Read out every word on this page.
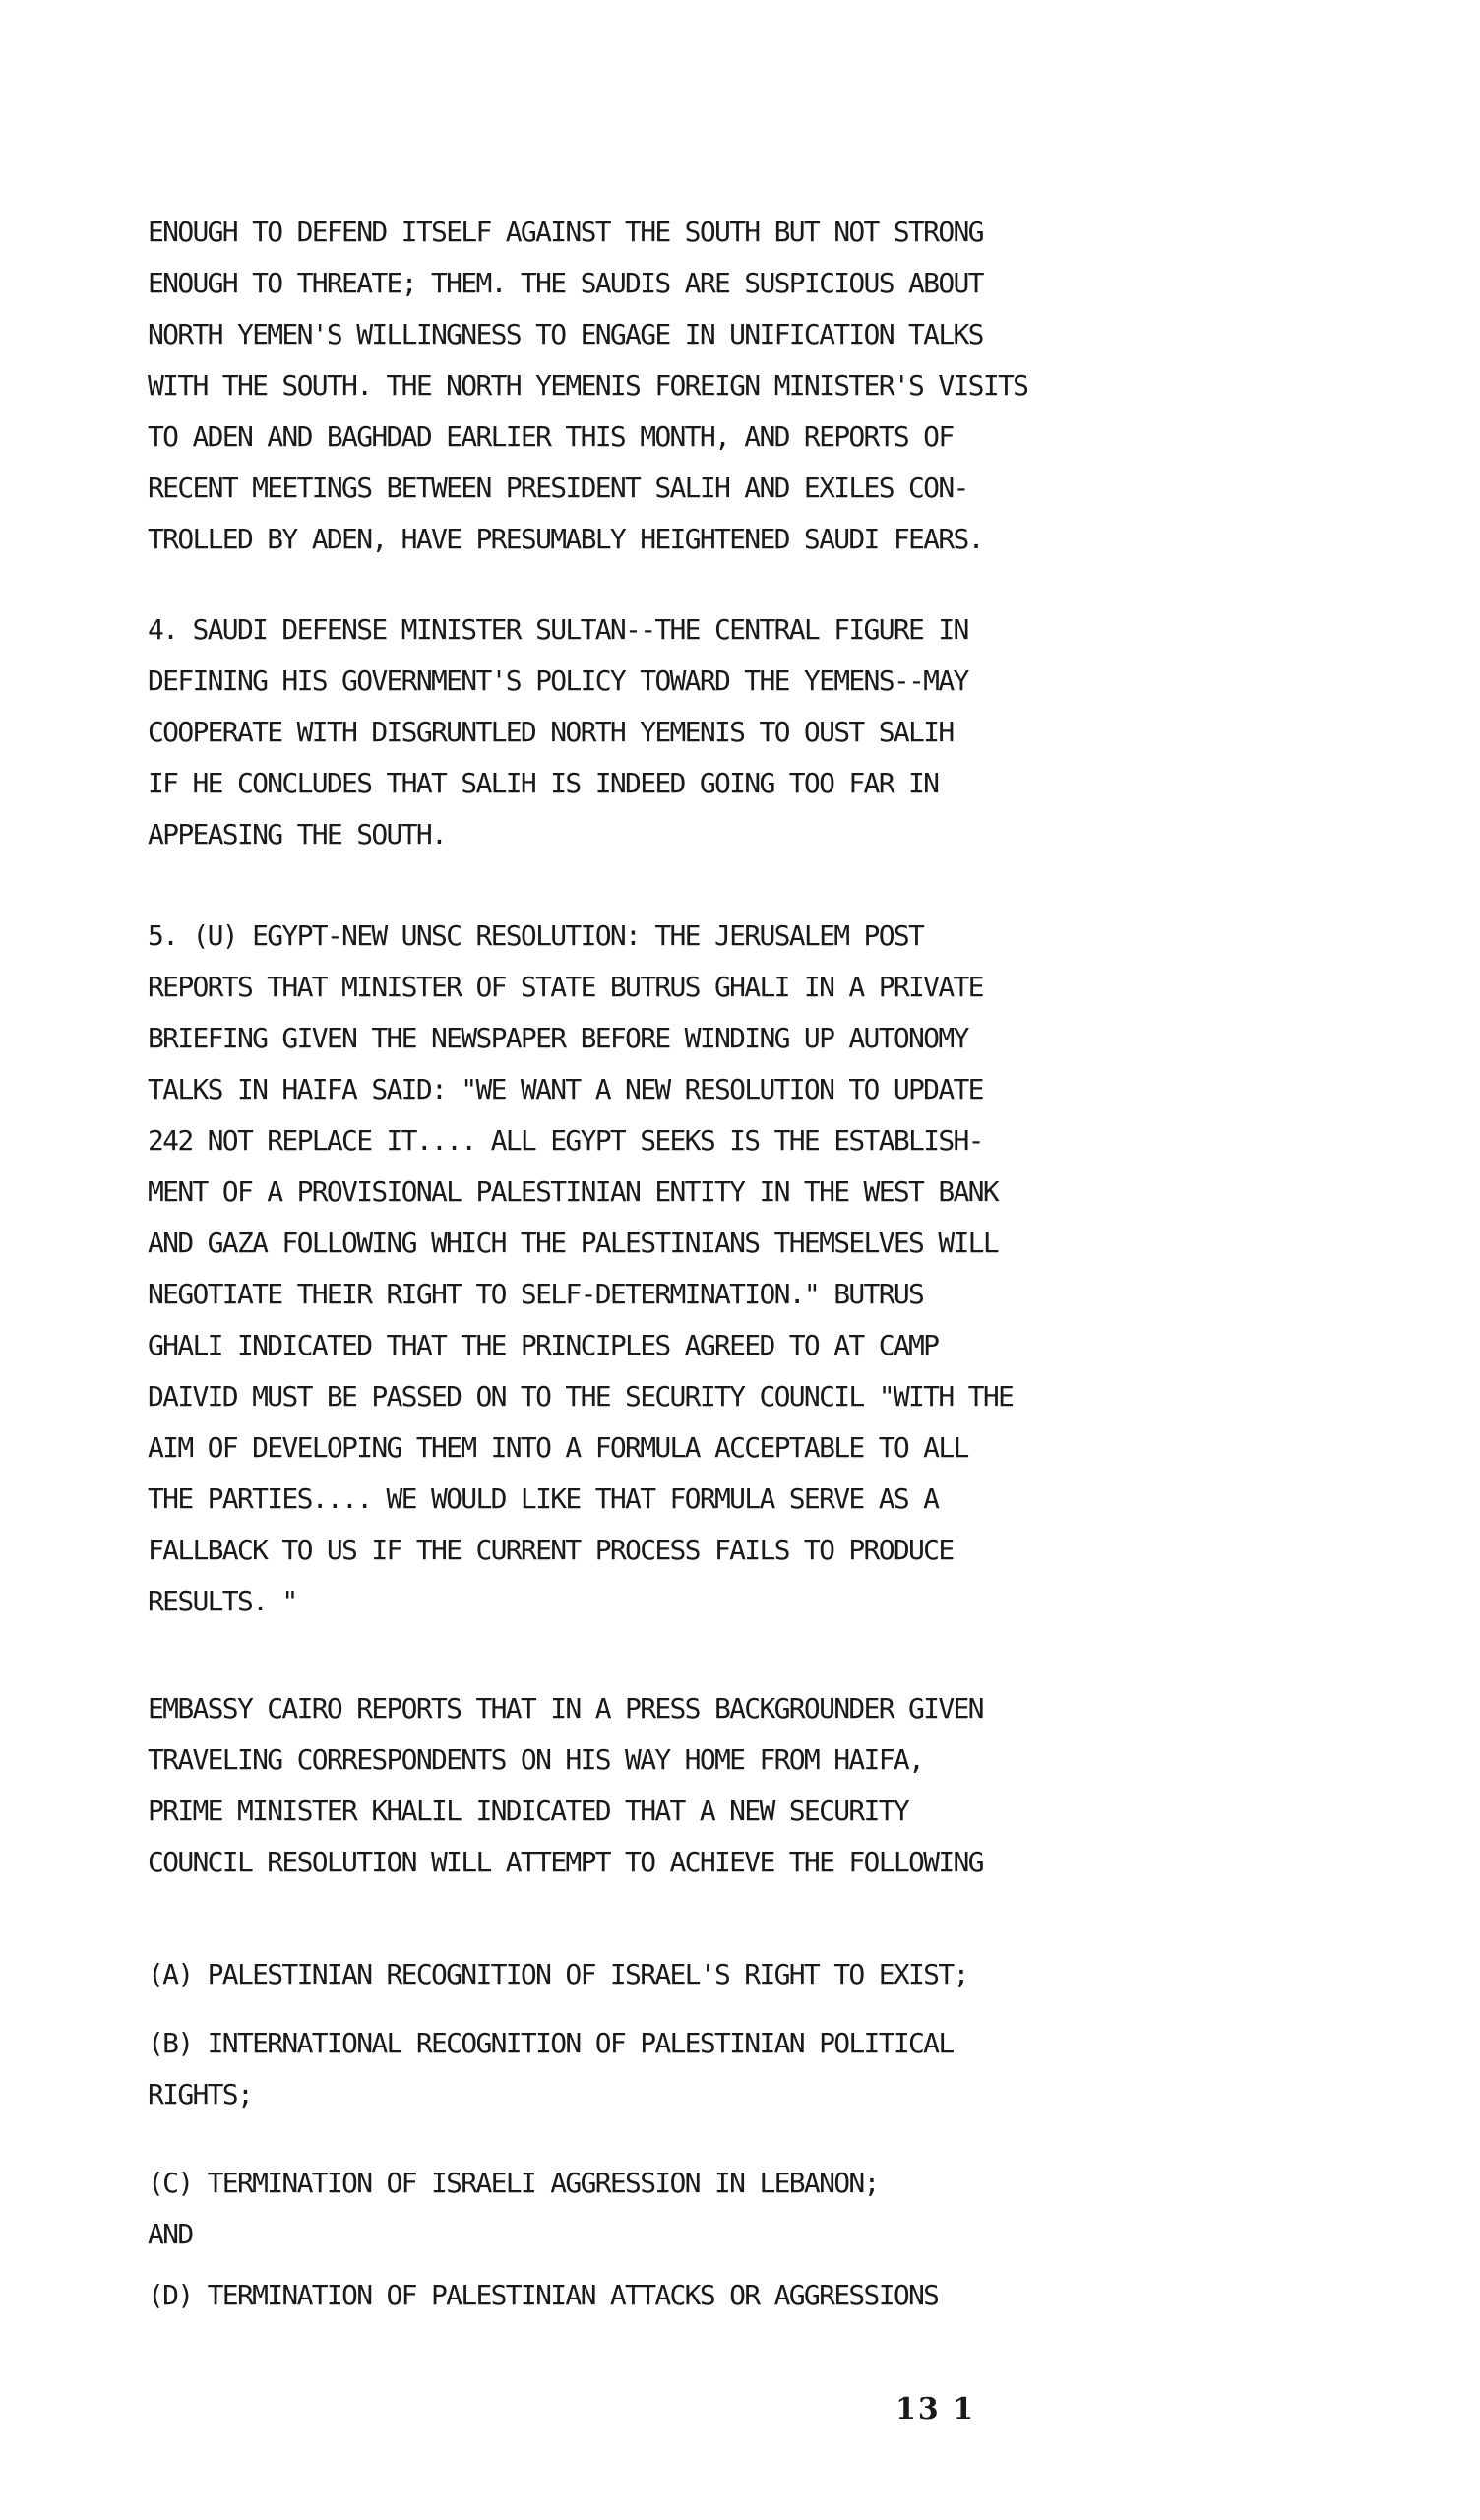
ENOUGH TO DEFEND ITSELF AGAINST THE SOUTH BUT NOT STRONG
ENOUGH TO THREATE; THEM. THE SAUDIS ARE SUSPICIOUS ABOUT
NORTH YEMEN'S WILLINGNESS TO ENGAGE IN UNIFICATION TALKS
WITH THE SOUTH. THE NORTH YEMENIS FOREIGN MINISTER'S VISITS
TO ADEN AND BAGHDAD EARLIER THIS MONTH, AND REPORTS OF
RECENT MEETINGS BETWEEN PRESIDENT SALIH AND EXILES CON-
TROLLED BY ADEN, HAVE PRESUMABLY HEIGHTENED SAUDI FEARS.
4. SAUDI DEFENSE MINISTER SULTAN--THE CENTRAL FIGURE IN
DEFINING HIS GOVERNMENT'S POLICY TOWARD THE YEMENS--MAY
COOPERATE WITH DISGRUNTLED NORTH YEMENIS TO OUST SALIH
IF HE CONCLUDES THAT SALIH IS INDEED GOING TOO FAR IN
APPEASING THE SOUTH.
5. (U) EGYPT-NEW UNSC RESOLUTION: THE JERUSALEM POST
REPORTS THAT MINISTER OF STATE BUTRUS GHALI IN A PRIVATE
BRIEFING GIVEN THE NEWSPAPER BEFORE WINDING UP AUTONOMY
TALKS IN HAIFA SAID: "WE WANT A NEW RESOLUTION TO UPDATE
242 NOT REPLACE IT.... ALL EGYPT SEEKS IS THE ESTABLISH-
MENT OF A PROVISIONAL PALESTINIAN ENTITY IN THE WEST BANK
AND GAZA FOLLOWING WHICH THE PALESTINIANS THEMSELVES WILL
NEGOTIATE THEIR RIGHT TO SELF-DETERMINATION." BUTRUS
GHALI INDICATED THAT THE PRINCIPLES AGREED TO AT CAMP
DAIVID MUST BE PASSED ON TO THE SECURITY COUNCIL "WITH THE
AIM OF DEVELOPING THEM INTO A FORMULA ACCEPTABLE TO ALL
THE PARTIES.... WE WOULD LIKE THAT FORMULA SERVE AS A
FALLBACK TO US IF THE CURRENT PROCESS FAILS TO PRODUCE
RESULTS. "
EMBASSY CAIRO REPORTS THAT IN A PRESS BACKGROUNDER GIVEN
TRAVELING CORRESPONDENTS ON HIS WAY HOME FROM HAIFA,
PRIME MINISTER KHALIL INDICATED THAT A NEW SECURITY
COUNCIL RESOLUTION WILL ATTEMPT TO ACHIEVE THE FOLLOWING
(A) PALESTINIAN RECOGNITION OF ISRAEL'S RIGHT TO EXIST;
(B) INTERNATIONAL RECOGNITION OF PALESTINIAN POLITICAL
RIGHTS;
(C) TERMINATION OF ISRAELI AGGRESSION IN LEBANON;
AND
(D) TERMINATION OF PALESTINIAN ATTACKS OR AGGRESSIONS
13 1
